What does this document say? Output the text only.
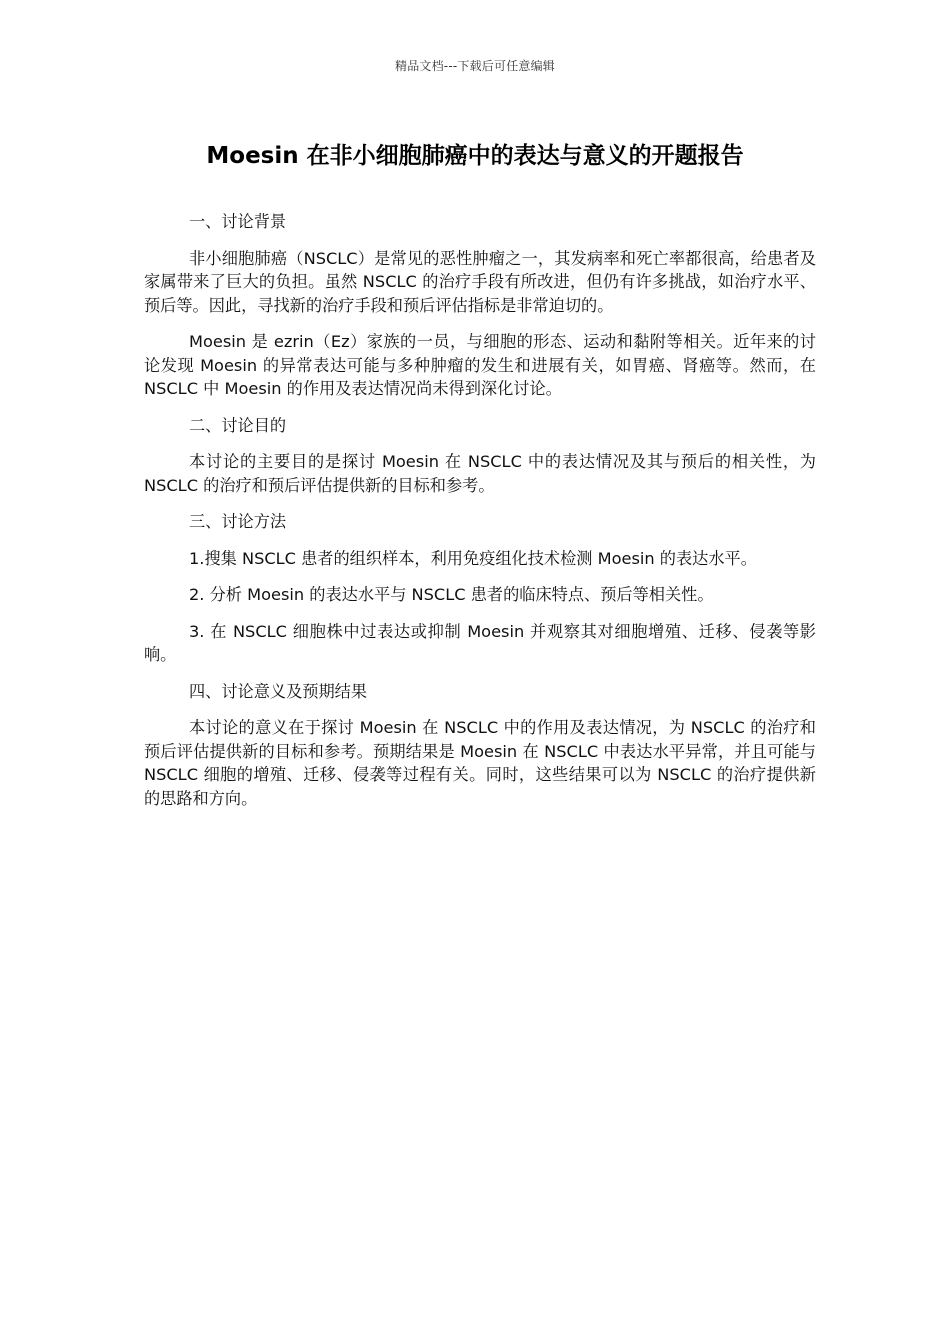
精品文档---下载后可任意编辑
Moesin 在非小细胞肺癌中的表达与意义的开题报告

一、讨论背景

非小细胞肺癌（NSCLC）是常见的恶性肿瘤之一，其发病率和死亡率都很高，给患者及家属带来了巨大的负担。虽然 NSCLC 的治疗手段有所改进，但仍有许多挑战，如治疗水平、预后等。因此，寻找新的治疗手段和预后评估指标是非常迫切的。

Moesin 是 ezrin（Ez）家族的一员，与细胞的形态、运动和黏附等相关。近年来的讨论发现 Moesin 的异常表达可能与多种肿瘤的发生和进展有关，如胃癌、肾癌等。然而，在 NSCLC 中 Moesin 的作用及表达情况尚未得到深化讨论。

二、讨论目的

本讨论的主要目的是探讨 Moesin 在 NSCLC 中的表达情况及其与预后的相关性，为 NSCLC 的治疗和预后评估提供新的目标和参考。

三、讨论方法

1.搜集 NSCLC 患者的组织样本，利用免疫组化技术检测 Moesin 的表达水平。

2. 分析 Moesin 的表达水平与 NSCLC 患者的临床特点、预后等相关性。

3. 在 NSCLC 细胞株中过表达或抑制 Moesin 并观察其对细胞增殖、迁移、侵袭等影响。

四、讨论意义及预期结果

本讨论的意义在于探讨 Moesin 在 NSCLC 中的作用及表达情况，为 NSCLC 的治疗和预后评估提供新的目标和参考。预期结果是 Moesin 在 NSCLC 中表达水平异常，并且可能与 NSCLC 细胞的增殖、迁移、侵袭等过程有关。同时，这些结果可以为 NSCLC 的治疗提供新的思路和方向。
